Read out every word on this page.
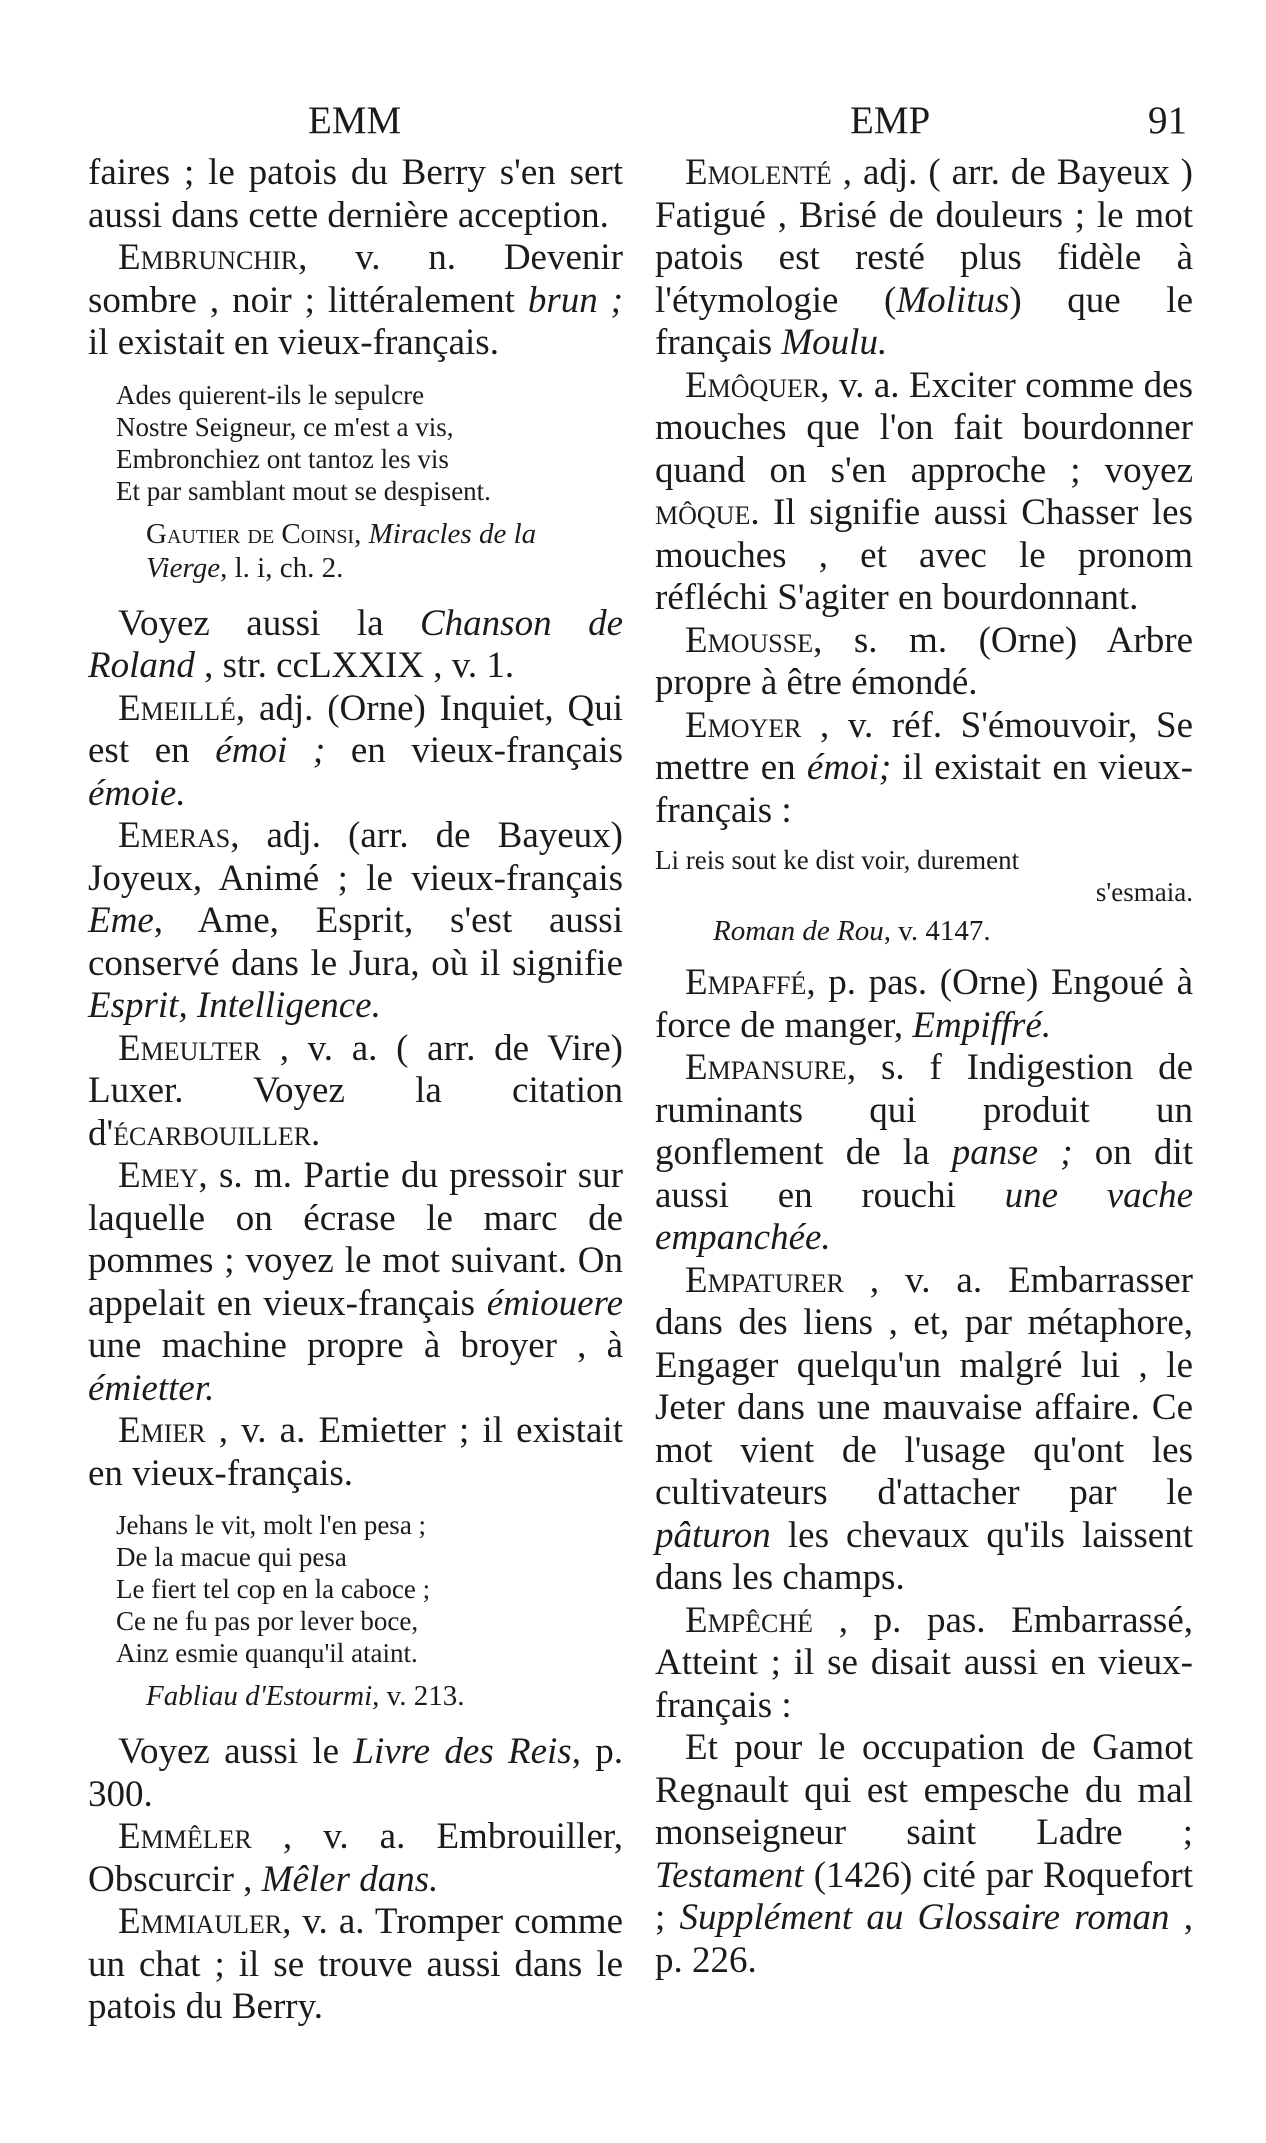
EMM	EMP	91

faires ; le patois du Berry s'en sert aussi dans cette dernière acception.

Embrunchir, v. n. Devenir sombre , noir ; littéralement brun ; il existait en vieux-français.

Ades quierent-ils le sepulcre
Nostre Seigneur, ce m'est a vis,
Embronchiez ont tantoz les vis
Et par samblant mout se despisent.

Gautier de Coinsi, Miracles de la Vierge, l. i, ch. 2.

Voyez aussi la Chanson de Roland , str. ccLXXIX , v. 1.

Emeillé, adj. (Orne) Inquiet, Qui est en émoi ; en vieux-français émoie.

Emeras, adj. (arr. de Bayeux) Joyeux, Animé ; le vieux-français Eme, Ame, Esprit, s'est aussi conservé dans le Jura, où il signifie Esprit, Intelligence.

Emeulter , v. a. ( arr. de Vire) Luxer. Voyez la citation d'écarbouiller.

Emey, s. m. Partie du pressoir sur laquelle on écrase le marc de pommes ; voyez le mot suivant. On appelait en vieux-français émiouere une machine propre à broyer , à émietter.

Emier , v. a. Emietter ; il existait en vieux-français.

Jehans le vit, molt l'en pesa ;
De la macue qui pesa
Le fiert tel cop en la caboce ;
Ce ne fu pas por lever boce,
Ainz esmie quanqu'il ataint.

Fabliau d'Estourmi, v. 213.

Voyez aussi le Livre des Reis, p. 300.

Emmêler , v. a. Embrouiller, Obscurcir , Mêler dans.

Emmiauler, v. a. Tromper comme un chat ; il se trouve aussi dans le patois du Berry.

Emolenté , adj. ( arr. de Bayeux ) Fatigué , Brisé de douleurs ; le mot patois est resté plus fidèle à l'étymologie (Molitus) que le français Moulu.

Emôquer, v. a. Exciter comme des mouches que l'on fait bourdonner quand on s'en approche ; voyez môque. Il signifie aussi Chasser les mouches , et avec le pronom réfléchi S'agiter en bourdonnant.

Emousse, s. m. (Orne) Arbre propre à être émondé.

Emoyer , v. réf. S'émouvoir, Se mettre en émoi; il existait en vieux-français :

Li reis sout ke dist voir, durement
s'esmaia.

Roman de Rou, v. 4147.

Empaffé, p. pas. (Orne) Engoué à force de manger, Empiffré.

Empansure, s. f Indigestion de ruminants qui produit un gonflement de la panse ; on dit aussi en rouchi une vache empanchée.

Empaturer , v. a. Embarrasser dans des liens , et, par métaphore, Engager quelqu'un malgré lui , le Jeter dans une mauvaise affaire. Ce mot vient de l'usage qu'ont les cultivateurs d'attacher par le pâturon les chevaux qu'ils laissent dans les champs.

Empêché , p. pas. Embarrassé, Atteint ; il se disait aussi en vieux-français :

Et pour le occupation de Gamot Regnault qui est empesche du mal monseigneur saint Ladre ; Testament (1426) cité par Roquefort ; Supplément au Glossaire roman , p. 226.
